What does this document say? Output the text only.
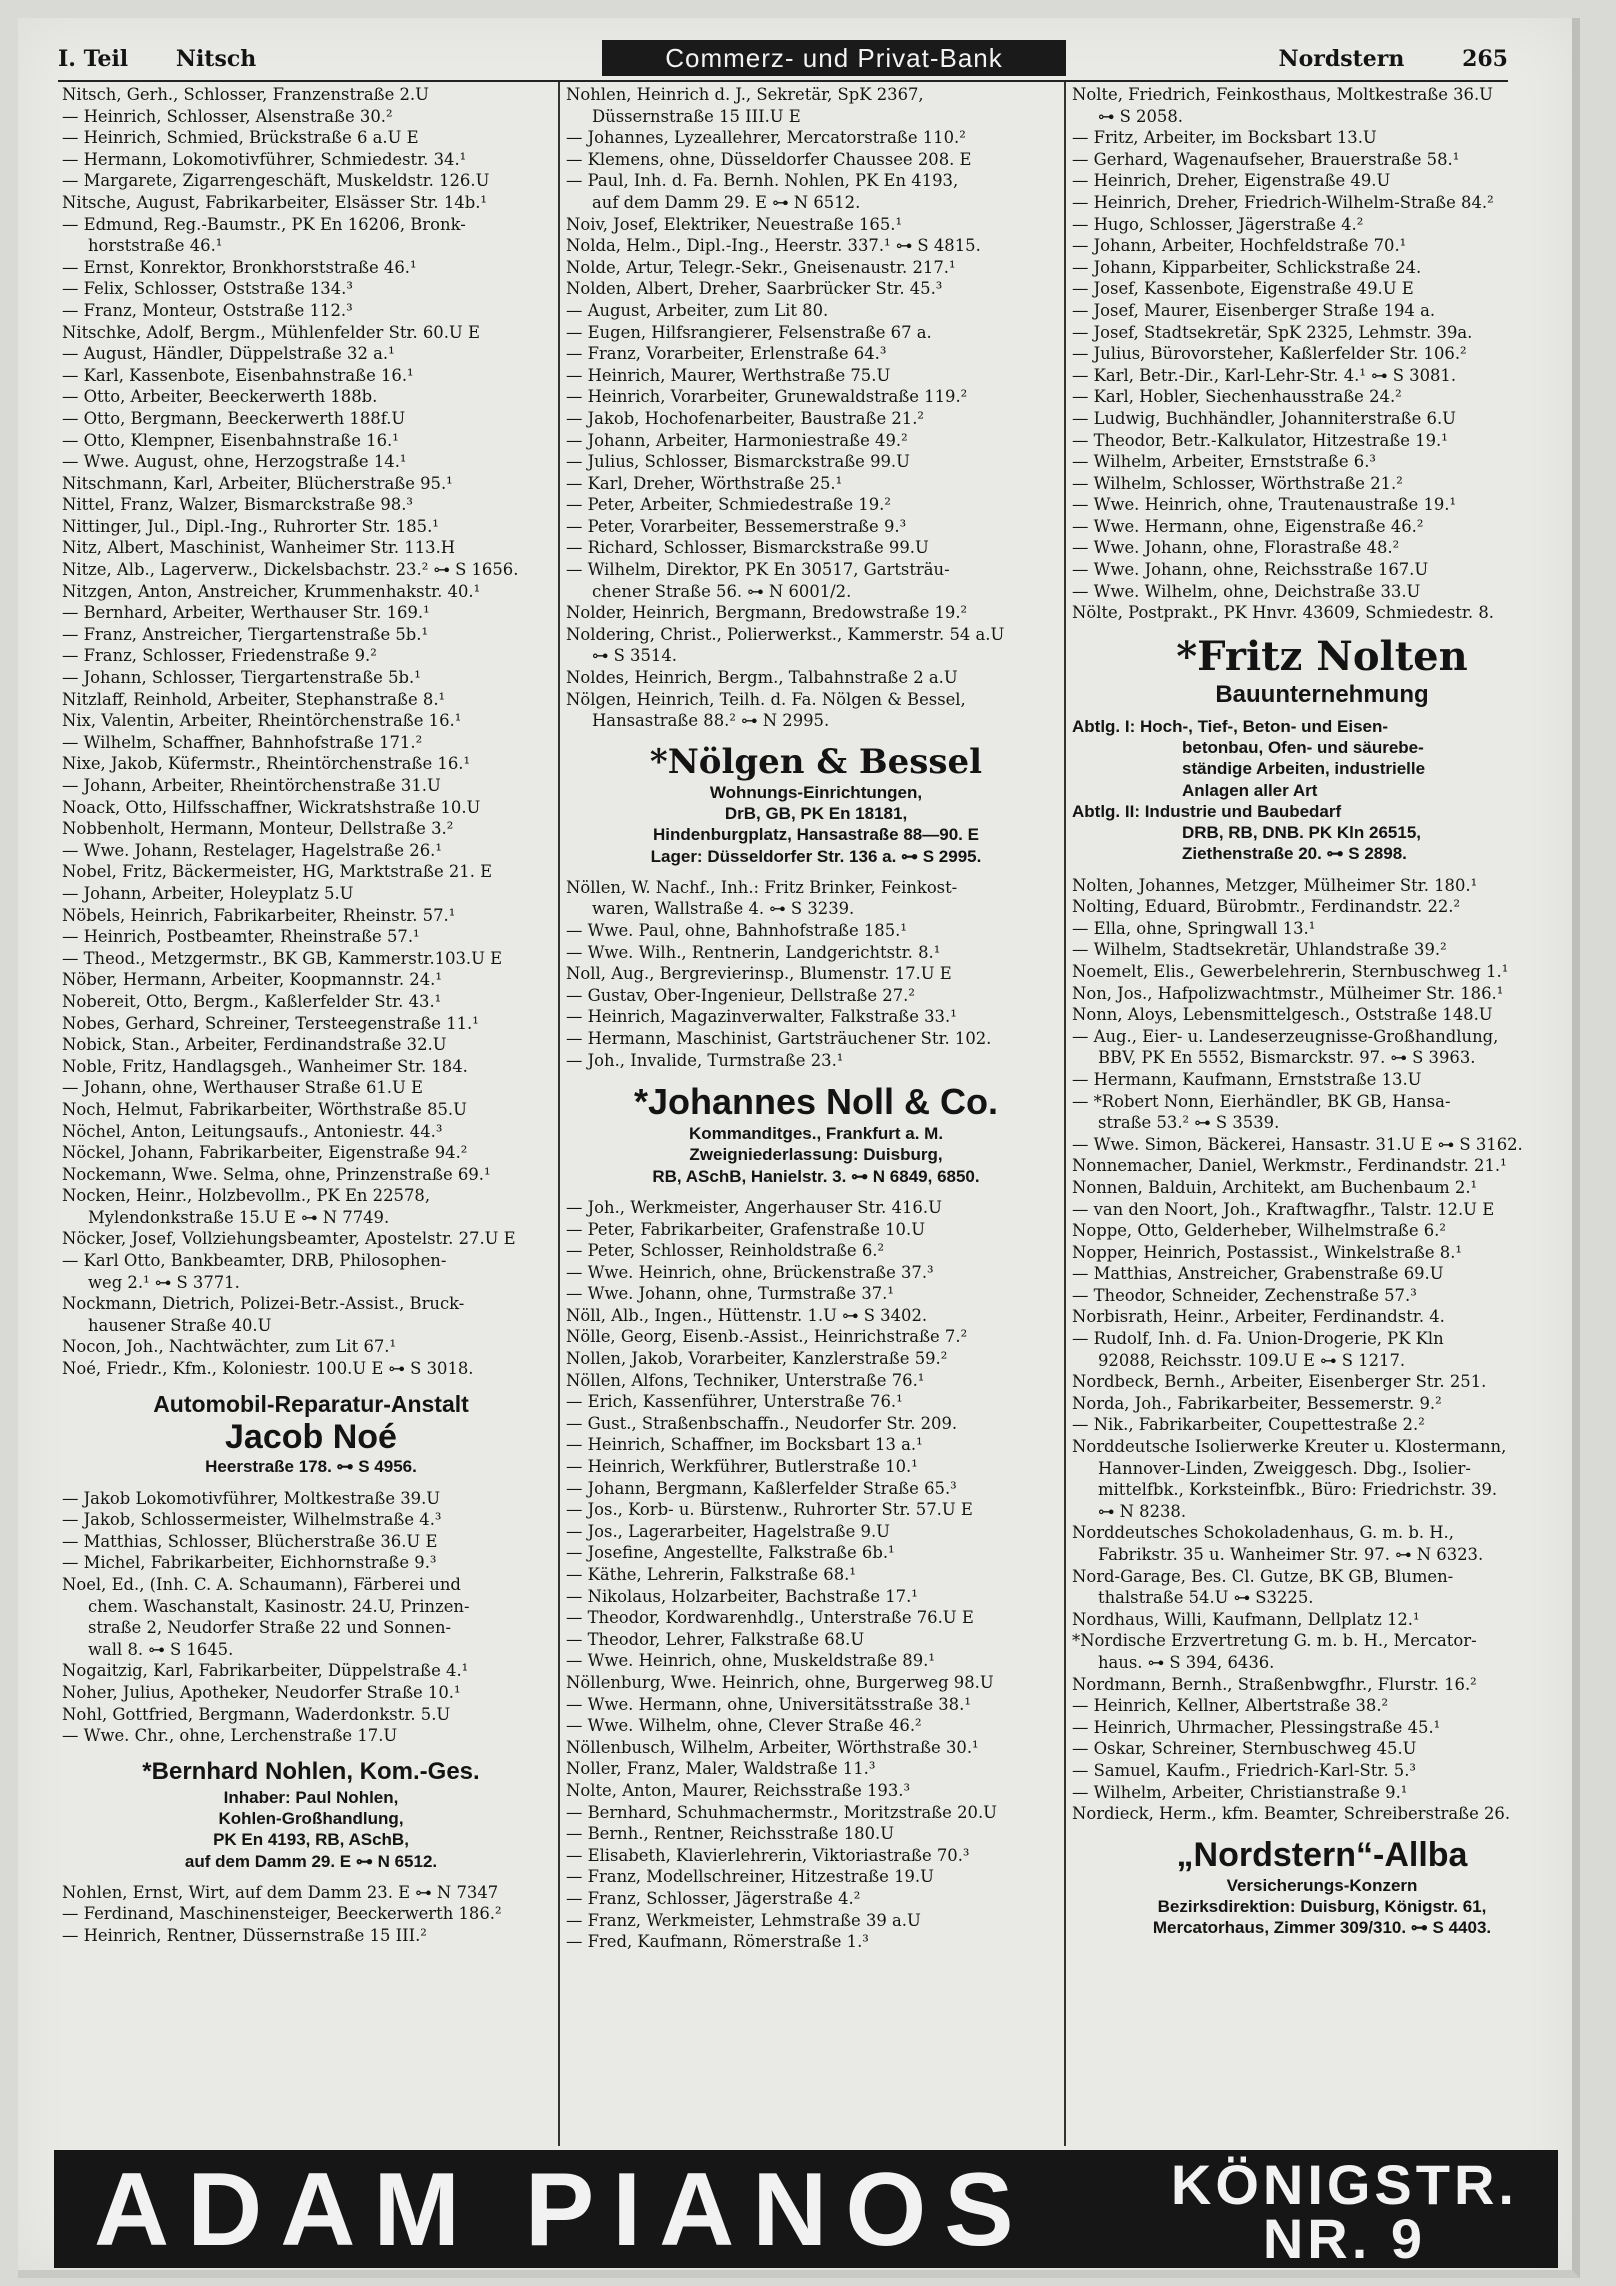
I. Teil Nitsch	Commerz- und Privat-Bank	Nordstern	265
Nitsch, Gerh., Schlosser, Franzenstraße 2.U
— Heinrich, Schlosser, Alsenstraße 30.²
— Heinrich, Schmied, Brückstraße 6 a.U E
— Hermann, Lokomotivführer, Schmiedestr. 34.¹
— Margarete, Zigarrengeschäft, Muskeldstr. 126.U
Nitsche, August, Fabrikarbeiter, Elsässer Str. 14b.¹
— Edmund, Reg.-Baumstr., PK En 16206, Bronk-
horststraße 46.¹
— Ernst, Konrektor, Bronkhorststraße 46.¹
— Felix, Schlosser, Oststraße 134.³
— Franz, Monteur, Oststraße 112.³
Nitschke, Adolf, Bergm., Mühlenfelder Str. 60.U E
— August, Händler, Düppelstraße 32 a.¹
— Karl, Kassenbote, Eisenbahnstraße 16.¹
— Otto, Arbeiter, Beeckerwerth 188b.
— Otto, Bergmann, Beeckerwerth 188f.U
— Otto, Klempner, Eisenbahnstraße 16.¹
— Wwe. August, ohne, Herzogstraße 14.¹
Nitschmann, Karl, Arbeiter, Blücherstraße 95.¹
Nittel, Franz, Walzer, Bismarckstraße 98.³
Nittinger, Jul., Dipl.-Ing., Ruhrorter Str. 185.¹
Nitz, Albert, Maschinist, Wanheimer Str. 113.H
Nitze, Alb., Lagerverw., Dickelsbachstr. 23.² ⊶ S 1656.
Nitzgen, Anton, Anstreicher, Krummenhakstr. 40.¹
— Bernhard, Arbeiter, Werthauser Str. 169.¹
— Franz, Anstreicher, Tiergartenstraße 5b.¹
— Franz, Schlosser, Friedenstraße 9.²
— Johann, Schlosser, Tiergartenstraße 5b.¹
Nitzlaff, Reinhold, Arbeiter, Stephanstraße 8.¹
Nix, Valentin, Arbeiter, Rheintörchenstraße 16.¹
— Wilhelm, Schaffner, Bahnhofstraße 171.²
Nixe, Jakob, Küfermstr., Rheintörchenstraße 16.¹
— Johann, Arbeiter, Rheintörchenstraße 31.U
Noack, Otto, Hilfsschaffner, Wickratshstraße 10.U
Nobbenholt, Hermann, Monteur, Dellstraße 3.²
— Wwe. Johann, Restelager, Hagelstraße 26.¹
Nobel, Fritz, Bäckermeister, HG, Marktstraße 21. E
— Johann, Arbeiter, Holeyplatz 5.U
Nöbels, Heinrich, Fabrikarbeiter, Rheinstr. 57.¹
— Heinrich, Postbeamter, Rheinstraße 57.¹
— Theod., Metzgermstr., BK GB, Kammerstr.103.U E
Nöber, Hermann, Arbeiter, Koopmannstr. 24.¹
Nobereit, Otto, Bergm., Kaßlerfelder Str. 43.¹
Nobes, Gerhard, Schreiner, Tersteegenstraße 11.¹
Nobick, Stan., Arbeiter, Ferdinandstraße 32.U
Noble, Fritz, Handlagsgeh., Wanheimer Str. 184.
— Johann, ohne, Werthauser Straße 61.U E
Noch, Helmut, Fabrikarbeiter, Wörthstraße 85.U
Nöchel, Anton, Leitungsaufs., Antoniestr. 44.³
Nöckel, Johann, Fabrikarbeiter, Eigenstraße 94.²
Nockemann, Wwe. Selma, ohne, Prinzenstraße 69.¹
Nocken, Heinr., Holzbevollm., PK En 22578,
Mylendonkstraße 15.U E ⊶ N 7749.
Nöcker, Josef, Vollziehungsbeamter, Apostelstr. 27.U E
— Karl Otto, Bankbeamter, DRB, Philosophen-
weg 2.¹ ⊶ S 3771.
Nockmann, Dietrich, Polizei-Betr.-Assist., Bruck-
hausener Straße 40.U
Nocon, Joh., Nachtwächter, zum Lit 67.¹
Noé, Friedr., Kfm., Koloniestr. 100.U E ⊶ S 3018.
Automobil-Reparatur-Anstalt
Jacob Noé
Heerstraße 178. ⊶ S 4956.
— Jakob Lokomotivführer, Moltkestraße 39.U
— Jakob, Schlossermeister, Wilhelmstraße 4.³
— Matthias, Schlosser, Blücherstraße 36.U E
— Michel, Fabrikarbeiter, Eichhornstraße 9.³
Noel, Ed., (Inh. C. A. Schaumann), Färberei und
chem. Waschanstalt, Kasinostr. 24.U, Prinzen-
straße 2, Neudorfer Straße 22 und Sonnen-
wall 8. ⊶ S 1645.
Nogaitzig, Karl, Fabrikarbeiter, Düppelstraße 4.¹
Noher, Julius, Apotheker, Neudorfer Straße 10.¹
Nohl, Gottfried, Bergmann, Waderdonkstr. 5.U
— Wwe. Chr., ohne, Lerchenstraße 17.U
*Bernhard Nohlen, Kom.-Ges.
Inhaber: Paul Nohlen,
Kohlen-Großhandlung,
PK En 4193, RB, ASchB,
auf dem Damm 29. E ⊶ N 6512.
Nohlen, Ernst, Wirt, auf dem Damm 23. E ⊶ N 7347
— Ferdinand, Maschinensteiger, Beeckerwerth 186.²
— Heinrich, Rentner, Düssernstraße 15 III.²
Nohlen, Heinrich d. J., Sekretär, SpK 2367,
Düssernstraße 15 III.U E
— Johannes, Lyzeallehrer, Mercatorstraße 110.²
— Klemens, ohne, Düsseldorfer Chaussee 208. E
— Paul, Inh. d. Fa. Bernh. Nohlen, PK En 4193,
auf dem Damm 29. E ⊶ N 6512.
Noiv, Josef, Elektriker, Neuestraße 165.¹
Nolda, Helm., Dipl.-Ing., Heerstr. 337.¹ ⊶ S 4815.
Nolde, Artur, Telegr.-Sekr., Gneisenaustr. 217.¹
Nolden, Albert, Dreher, Saarbrücker Str. 45.³
— August, Arbeiter, zum Lit 80.
— Eugen, Hilfsrangierer, Felsenstraße 67 a.
— Franz, Vorarbeiter, Erlenstraße 64.³
— Heinrich, Maurer, Werthstraße 75.U
— Heinrich, Vorarbeiter, Grunewaldstraße 119.²
— Jakob, Hochofenarbeiter, Baustraße 21.²
— Johann, Arbeiter, Harmoniestraße 49.²
— Julius, Schlosser, Bismarckstraße 99.U
— Karl, Dreher, Wörthstraße 25.¹
— Peter, Arbeiter, Schmiedestraße 19.²
— Peter, Vorarbeiter, Bessemerstraße 9.³
— Richard, Schlosser, Bismarckstraße 99.U
— Wilhelm, Direktor, PK En 30517, Gartsträu-
chener Straße 56. ⊶ N 6001/2.
Nolder, Heinrich, Bergmann, Bredowstraße 19.²
Noldering, Christ., Polierwerkst., Kammerstr. 54 a.U
⊶ S 3514.
Noldes, Heinrich, Bergm., Talbahnstraße 2 a.U
Nölgen, Heinrich, Teilh. d. Fa. Nölgen & Bessel,
Hansastraße 88.² ⊶ N 2995.
*Nölgen & Bessel
Wohnungs-Einrichtungen,
DrB, GB, PK En 18181,
Hindenburgplatz, Hansastraße 88—90. E
Lager: Düsseldorfer Str. 136 a. ⊶ S 2995.
Nöllen, W. Nachf., Inh.: Fritz Brinker, Feinkost-
waren, Wallstraße 4. ⊶ S 3239.
— Wwe. Paul, ohne, Bahnhofstraße 185.¹
— Wwe. Wilh., Rentnerin, Landgerichtstr. 8.¹
Noll, Aug., Bergrevierinsp., Blumenstr. 17.U E
— Gustav, Ober-Ingenieur, Dellstraße 27.²
— Heinrich, Magazinverwalter, Falkstraße 33.¹
— Hermann, Maschinist, Gartsträuchener Str. 102.
— Joh., Invalide, Turmstraße 23.¹
*Johannes Noll & Co.
Kommanditges., Frankfurt a. M.
Zweigniederlassung: Duisburg,
RB, ASchB, Hanielstr. 3. ⊶ N 6849, 6850.
— Joh., Werkmeister, Angerhauser Str. 416.U
— Peter, Fabrikarbeiter, Grafenstraße 10.U
— Peter, Schlosser, Reinholdstraße 6.²
— Wwe. Heinrich, ohne, Brückenstraße 37.³
— Wwe. Johann, ohne, Turmstraße 37.¹
Nöll, Alb., Ingen., Hüttenstr. 1.U ⊶ S 3402.
Nölle, Georg, Eisenb.-Assist., Heinrichstraße 7.²
Nollen, Jakob, Vorarbeiter, Kanzlerstraße 59.²
Nöllen, Alfons, Techniker, Unterstraße 76.¹
— Erich, Kassenführer, Unterstraße 76.¹
— Gust., Straßenbschaffn., Neudorfer Str. 209.
— Heinrich, Schaffner, im Bocksbart 13 a.¹
— Heinrich, Werkführer, Butlerstraße 10.¹
— Johann, Bergmann, Kaßlerfelder Straße 65.³
— Jos., Korb- u. Bürstenw., Ruhrorter Str. 57.U E
— Jos., Lagerarbeiter, Hagelstraße 9.U
— Josefine, Angestellte, Falkstraße 6b.¹
— Käthe, Lehrerin, Falkstraße 68.¹
— Nikolaus, Holzarbeiter, Bachstraße 17.¹
— Theodor, Kordwarenhdlg., Unterstraße 76.U E
— Theodor, Lehrer, Falkstraße 68.U
— Wwe. Heinrich, ohne, Muskeldstraße 89.¹
Nöllenburg, Wwe. Heinrich, ohne, Burgerweg 98.U
— Wwe. Hermann, ohne, Universitätsstraße 38.¹
— Wwe. Wilhelm, ohne, Clever Straße 46.²
Nöllenbusch, Wilhelm, Arbeiter, Wörthstraße 30.¹
Noller, Franz, Maler, Waldstraße 11.³
Nolte, Anton, Maurer, Reichsstraße 193.³
— Bernhard, Schuhmachermstr., Moritzstraße 20.U
— Bernh., Rentner, Reichsstraße 180.U
— Elisabeth, Klavierlehrerin, Viktoriastraße 70.³
— Franz, Modellschreiner, Hitzestraße 19.U
— Franz, Schlosser, Jägerstraße 4.²
— Franz, Werkmeister, Lehmstraße 39 a.U
— Fred, Kaufmann, Römerstraße 1.³
Nolte, Friedrich, Feinkosthaus, Moltkestraße 36.U
⊶ S 2058.
— Fritz, Arbeiter, im Bocksbart 13.U
— Gerhard, Wagenaufseher, Brauerstraße 58.¹
— Heinrich, Dreher, Eigenstraße 49.U
— Heinrich, Dreher, Friedrich-Wilhelm-Straße 84.²
— Hugo, Schlosser, Jägerstraße 4.²
— Johann, Arbeiter, Hochfeldstraße 70.¹
— Johann, Kipparbeiter, Schlickstraße 24.
— Josef, Kassenbote, Eigenstraße 49.U E
— Josef, Maurer, Eisenberger Straße 194 a.
— Josef, Stadtsekretär, SpK 2325, Lehmstr. 39a.
— Julius, Bürovorsteher, Kaßlerfelder Str. 106.²
— Karl, Betr.-Dir., Karl-Lehr-Str. 4.¹ ⊶ S 3081.
— Karl, Hobler, Siechenhausstraße 24.²
— Ludwig, Buchhändler, Johanniterstraße 6.U
— Theodor, Betr.-Kalkulator, Hitzestraße 19.¹
— Wilhelm, Arbeiter, Ernststraße 6.³
— Wilhelm, Schlosser, Wörthstraße 21.²
— Wwe. Heinrich, ohne, Trautenaustraße 19.¹
— Wwe. Hermann, ohne, Eigenstraße 46.²
— Wwe. Johann, ohne, Florastraße 48.²
— Wwe. Johann, ohne, Reichsstraße 167.U
— Wwe. Wilhelm, ohne, Deichstraße 33.U
Nölte, Postprakt., PK Hnvr. 43609, Schmiedestr. 8.
*Fritz Nolten
Bauunternehmung
Abtlg. I: Hoch-, Tief-, Beton- und Eisen-
betonbau, Ofen- und säurebe-
ständige Arbeiten, industrielle
Anlagen aller Art
Abtlg. II: Industrie und Baubedarf
DRB, RB, DNB. PK Kln 26515,
Ziethenstraße 20. ⊶ S 2898.
Nolten, Johannes, Metzger, Mülheimer Str. 180.¹
Nolting, Eduard, Bürobmtr., Ferdinandstr. 22.²
— Ella, ohne, Springwall 13.¹
— Wilhelm, Stadtsekretär, Uhlandstraße 39.²
Noemelt, Elis., Gewerbelehrerin, Sternbuschweg 1.¹
Non, Jos., Hafpolizwachtmstr., Mülheimer Str. 186.¹
Nonn, Aloys, Lebensmittelgesch., Oststraße 148.U
— Aug., Eier- u. Landeserzeugnisse-Großhandlung,
BBV, PK En 5552, Bismarckstr. 97. ⊶ S 3963.
— Hermann, Kaufmann, Ernststraße 13.U
— *Robert Nonn, Eierhändler, BK GB, Hansa-
straße 53.² ⊶ S 3539.
— Wwe. Simon, Bäckerei, Hansastr. 31.U E ⊶ S 3162.
Nonnemacher, Daniel, Werkmstr., Ferdinandstr. 21.¹
Nonnen, Balduin, Architekt, am Buchenbaum 2.¹
— van den Noort, Joh., Kraftwagfhr., Talstr. 12.U E
Noppe, Otto, Gelderheber, Wilhelmstraße 6.²
Nopper, Heinrich, Postassist., Winkelstraße 8.¹
— Matthias, Anstreicher, Grabenstraße 69.U
— Theodor, Schneider, Zechenstraße 57.³
Norbisrath, Heinr., Arbeiter, Ferdinandstr. 4.
— Rudolf, Inh. d. Fa. Union-Drogerie, PK Kln
92088, Reichsstr. 109.U E ⊶ S 1217.
Nordbeck, Bernh., Arbeiter, Eisenberger Str. 251.
Norda, Joh., Fabrikarbeiter, Bessemerstr. 9.²
— Nik., Fabrikarbeiter, Coupettestraße 2.²
Norddeutsche Isolierwerke Kreuter u. Klostermann,
Hannover-Linden, Zweiggesch. Dbg., Isolier-
mittelfbk., Korksteinfbk., Büro: Friedrichstr. 39.
⊶ N 8238.
Norddeutsches Schokoladenhaus, G. m. b. H.,
Fabrikstr. 35 u. Wanheimer Str. 97. ⊶ N 6323.
Nord-Garage, Bes. Cl. Gutze, BK GB, Blumen-
thalstraße 54.U ⊶ S3225.
Nordhaus, Willi, Kaufmann, Dellplatz 12.¹
*Nordische Erzvertretung G. m. b. H., Mercator-
haus. ⊶ S 394, 6436.
Nordmann, Bernh., Straßenbwgfhr., Flurstr. 16.²
— Heinrich, Kellner, Albertstraße 38.²
— Heinrich, Uhrmacher, Plessingstraße 45.¹
— Oskar, Schreiner, Sternbuschweg 45.U
— Samuel, Kaufm., Friedrich-Karl-Str. 5.³
— Wilhelm, Arbeiter, Christianstraße 9.¹
Nordieck, Herm., kfm. Beamter, Schreiberstraße 26.
„Nordstern“-Allba
Versicherungs-Konzern
Bezirksdirektion: Duisburg, Königstr. 61,
Mercatorhaus, Zimmer 309/310. ⊶ S 4403.
ADAM PIANOS KÖNIGSTR.
NR. 9
